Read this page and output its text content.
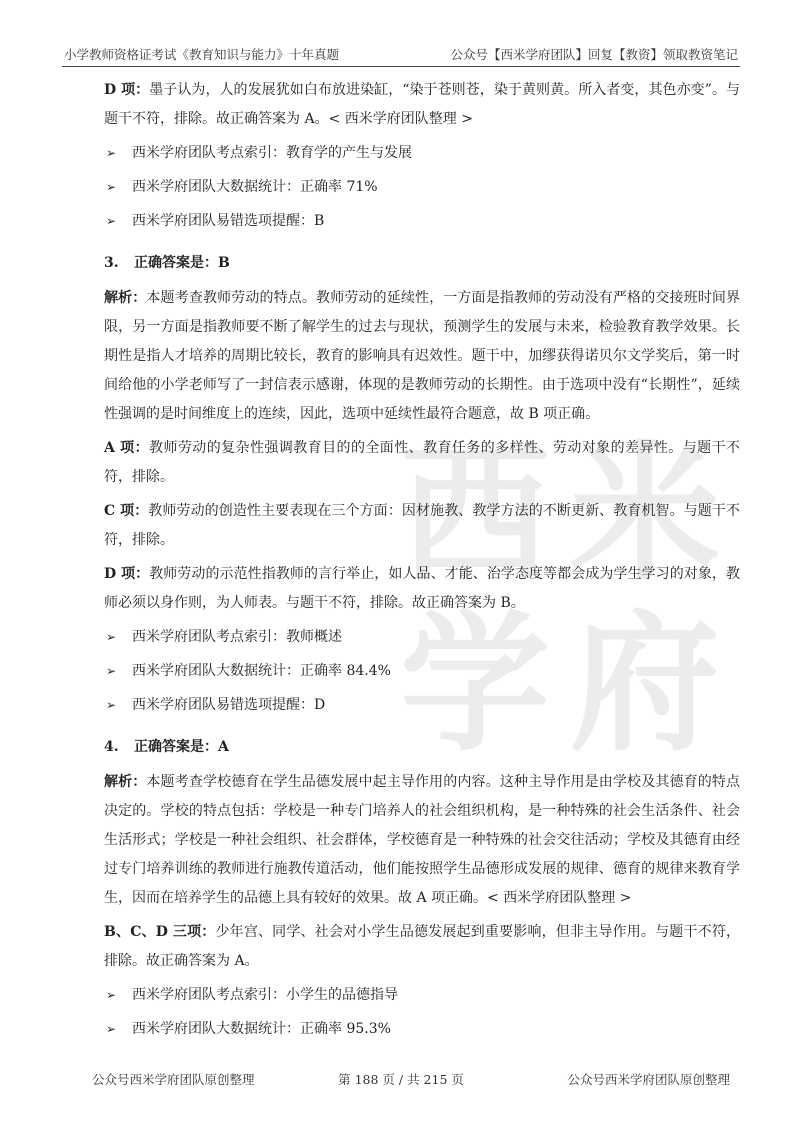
小学教师资格证考试《教育知识与能力》十年真题	公众号【西米学府团队】回复【教资】领取教资笔记
西 米
学 府

D 项：墨子认为，人的发展犹如白布放进染缸，“染于苍则苍，染于黄则黄。所入者变，其色亦变”。与题干不符，排除。故正确答案为 A。< 西米学府团队整理 >

➢ 西米学府团队考点索引：教育学的产生与发展
➢ 西米学府团队大数据统计：正确率 71%
➢ 西米学府团队易错选项提醒：B
3. 正确答案是：B

解析：本题考查教师劳动的特点。教师劳动的延续性，一方面是指教师的劳动没有严格的交接班时间界限，另一方面是指教师要不断了解学生的过去与现状，预测学生的发展与未来，检验教育教学效果。长期性是指人才培养的周期比较长，教育的影响具有迟效性。题干中，加缪获得诺贝尔文学奖后，第一时间给他的小学老师写了一封信表示感谢，体现的是教师劳动的长期性。由于选项中没有“长期性”，延续性强调的是时间维度上的连续，因此，选项中延续性最符合题意，故 B 项正确。

A 项：教师劳动的复杂性强调教育目的的全面性、教育任务的多样性、劳动对象的差异性。与题干不符，排除。

C 项：教师劳动的创造性主要表现在三个方面：因材施教、教学方法的不断更新、教育机智。与题干不符，排除。

D 项：教师劳动的示范性指教师的言行举止，如人品、才能、治学态度等都会成为学生学习的对象，教师必须以身作则，为人师表。与题干不符，排除。故正确答案为 B。

➢ 西米学府团队考点索引：教师概述
➢ 西米学府团队大数据统计：正确率 84.4%
➢ 西米学府团队易错选项提醒：D
4. 正确答案是：A

解析：本题考查学校德育在学生品德发展中起主导作用的内容。这种主导作用是由学校及其德育的特点决定的。学校的特点包括：学校是一种专门培养人的社会组织机构，是一种特殊的社会生活条件、社会生活形式；学校是一种社会组织、社会群体，学校德育是一种特殊的社会交往活动；学校及其德育由经过专门培养训练的教师进行施教传道活动，他们能按照学生品德形成发展的规律、德育的规律来教育学生，因而在培养学生的品德上具有较好的效果。故 A 项正确。< 西米学府团队整理 >

B、C、D 三项：少年宫、同学、社会对小学生品德发展起到重要影响，但非主导作用。与题干不符，排除。故正确答案为 A。

➢ 西米学府团队考点索引：小学生的品德指导
➢ 西米学府团队大数据统计：正确率 95.3%
公众号西米学府团队原创整理	第 188 页 / 共 215 页	公众号西米学府团队原创整理
